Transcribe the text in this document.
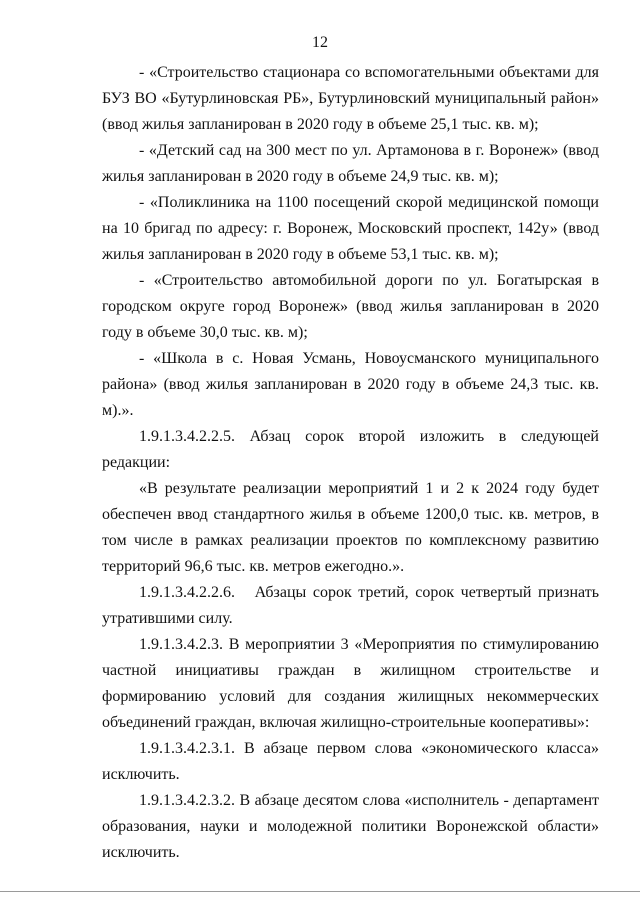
12

- «Строительство стационара со вспомогательными объектами для БУЗ ВО «Бутурлиновская РБ», Бутурлиновский муниципальный район» (ввод жилья запланирован в 2020 году в объеме 25,1 тыс. кв. м);

- «Детский сад на 300 мест по ул. Артамонова в г. Воронеж» (ввод жилья запланирован в 2020 году в объеме 24,9 тыс. кв. м);

- «Поликлиника на 1100 посещений скорой медицинской помощи на 10 бригад по адресу: г. Воронеж, Московский проспект, 142у» (ввод жилья запланирован в 2020 году в объеме 53,1 тыс. кв. м);

- «Строительство автомобильной дороги по ул. Богатырская в городском округе город Воронеж» (ввод жилья запланирован в 2020 году в объеме 30,0 тыс. кв. м);

- «Школа в с. Новая Усмань, Новоусманского муниципального района» (ввод жилья запланирован в 2020 году в объеме 24,3 тыс. кв. м).».

1.9.1.3.4.2.2.5. Абзац сорок второй изложить в следующей редакции:

«В результате реализации мероприятий 1 и 2 к 2024 году будет обеспечен ввод стандартного жилья в объеме 1200,0 тыс. кв. метров, в том числе в рамках реализации проектов по комплексному развитию территорий 96,6 тыс. кв. метров ежегодно.».

1.9.1.3.4.2.2.6.   Абзацы сорок третий, сорок четвертый признать утратившими силу.

1.9.1.3.4.2.3. В мероприятии 3 «Мероприятия по стимулированию частной инициативы граждан в жилищном строительстве и формированию условий для создания жилищных некоммерческих объединений граждан, включая жилищно-строительные кооперативы»:

1.9.1.3.4.2.3.1. В абзаце первом слова «экономического класса» исключить.

1.9.1.3.4.2.3.2. В абзаце десятом слова «исполнитель - департамент образования, науки и молодежной политики Воронежской области» исключить.
